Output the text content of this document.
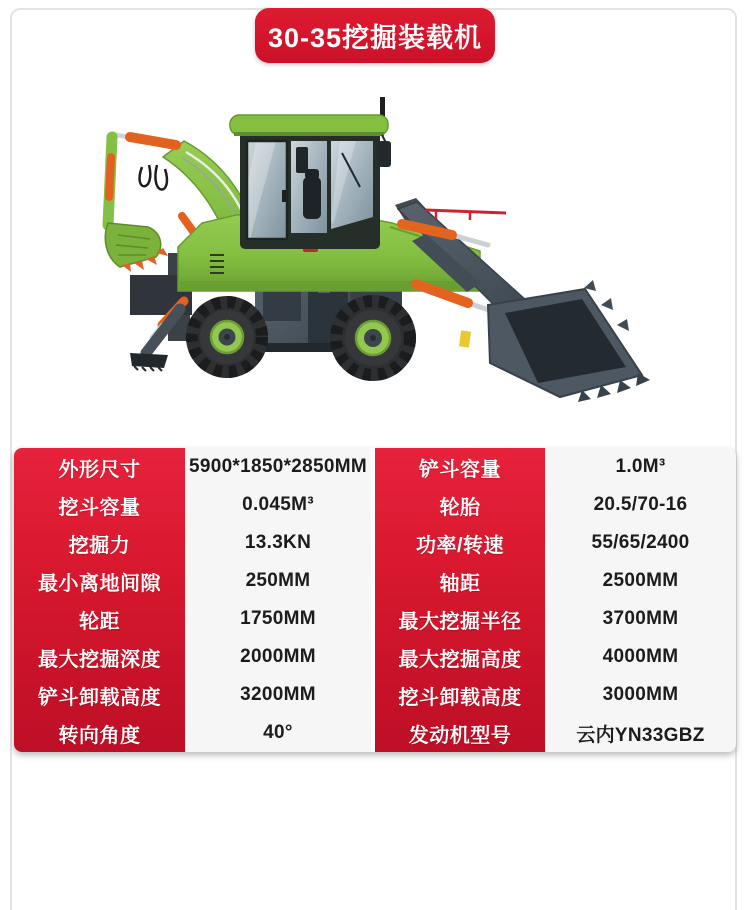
30-35挖掘装载机
30-35
外形尺寸
挖斗容量
挖掘力
最小离地间隙
轮距
最大挖掘深度
铲斗卸载高度
转向角度
5900*1850*2850MM
0.045M³
13.3KN
250MM
1750MM
2000MM
3200MM
40°
铲斗容量
轮胎
功率/转速
轴距
最大挖掘半径
最大挖掘高度
挖斗卸载高度
发动机型号
1.0M³
20.5/70-16
55/65/2400
2500MM
3700MM
4000MM
3000MM
云内YN33GBZ
